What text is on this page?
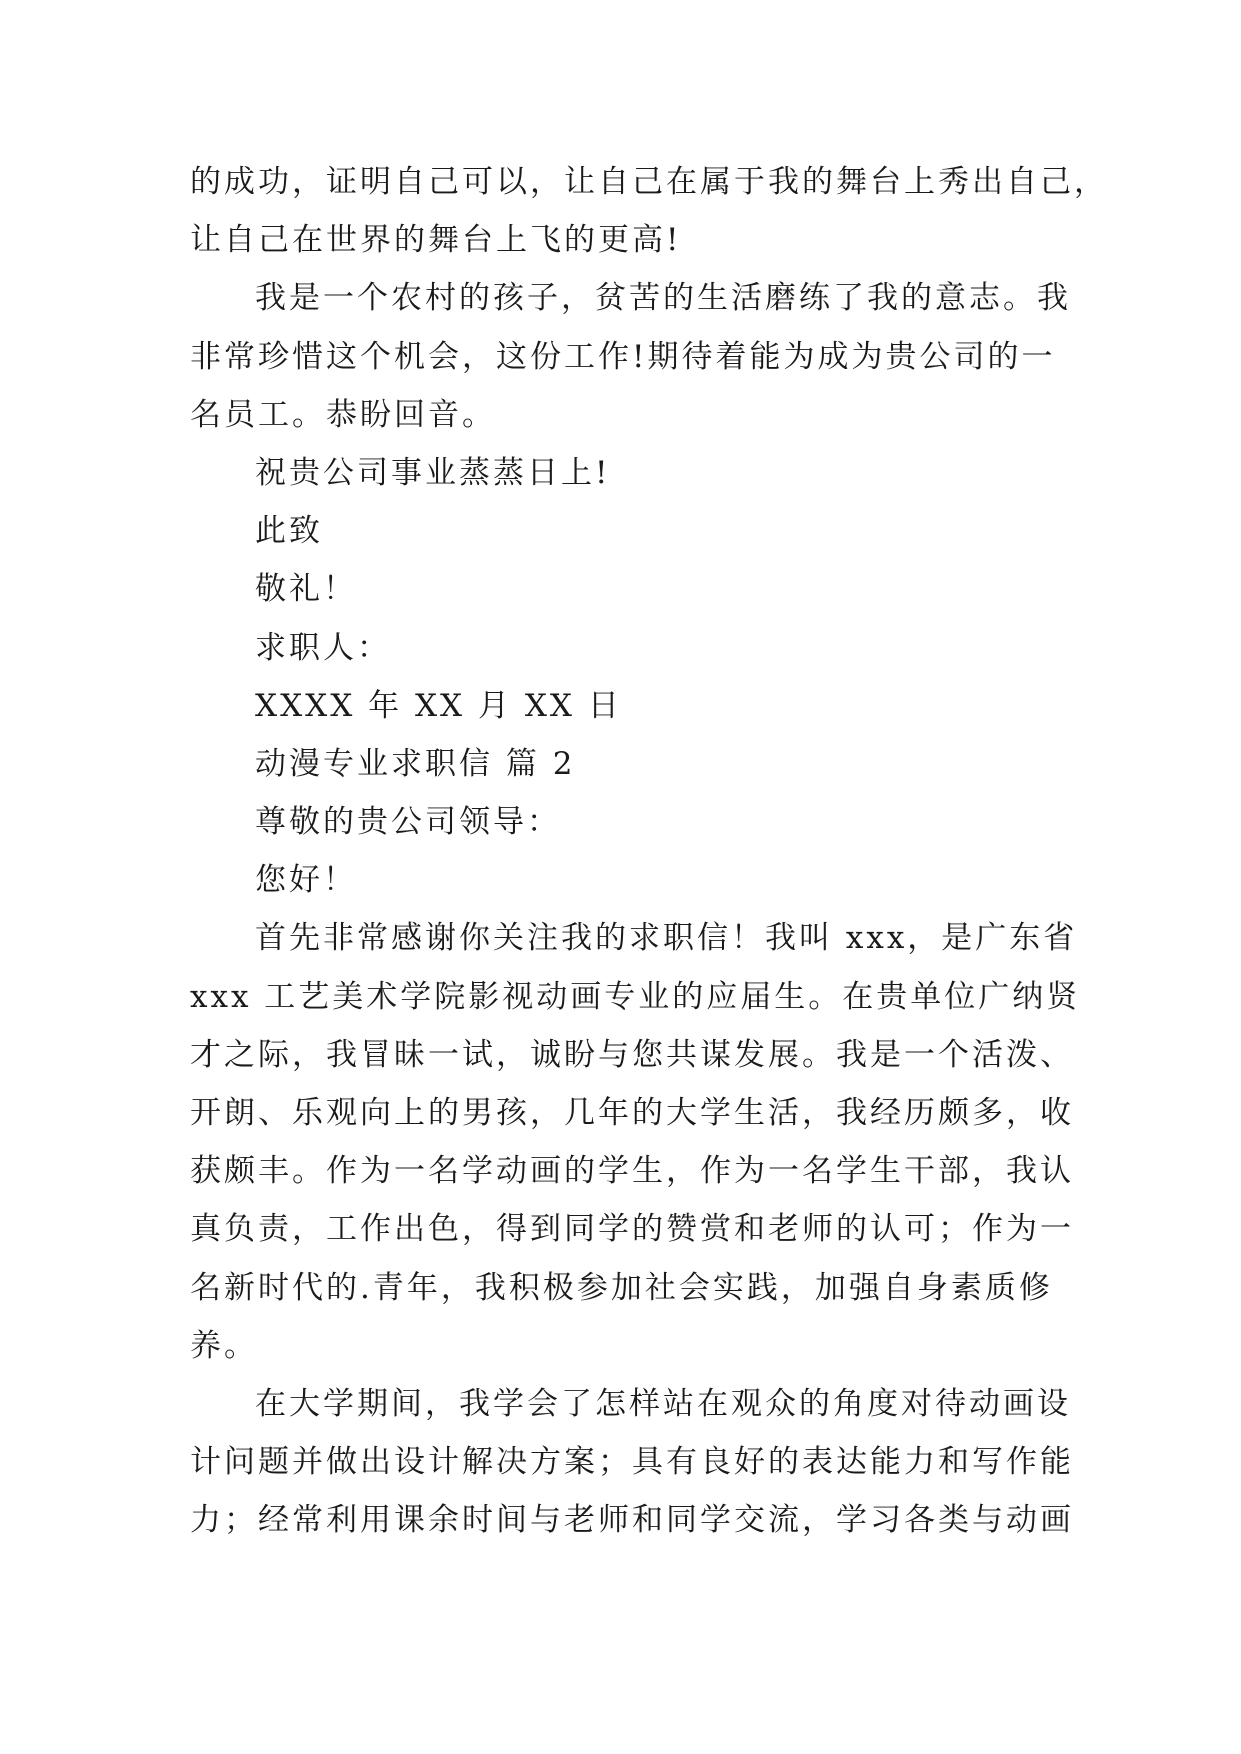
的成功，证明自己可以，让自己在属于我的舞台上秀出自己，
让自己在世界的舞台上飞的更高!
我是一个农村的孩子，贫苦的生活磨练了我的意志。我
非常珍惜这个机会，这份工作!期待着能为成为贵公司的一
名员工。恭盼回音。
祝贵公司事业蒸蒸日上!
此致
敬礼！
求职人：
XXXX 年 XX 月 XX 日
动漫专业求职信 篇 2
尊敬的贵公司领导：
您好！
首先非常感谢你关注我的求职信！我叫 xxx，是广东省
xxx 工艺美术学院影视动画专业的应届生。在贵单位广纳贤
才之际，我冒昧一试，诚盼与您共谋发展。我是一个活泼、
开朗、乐观向上的男孩，几年的大学生活，我经历颇多，收
获颇丰。作为一名学动画的学生，作为一名学生干部，我认
真负责，工作出色，得到同学的赞赏和老师的认可；作为一
名新时代的.青年，我积极参加社会实践，加强自身素质修
养。
在大学期间，我学会了怎样站在观众的角度对待动画设
计问题并做出设计解决方案；具有良好的表达能力和写作能
力；经常利用课余时间与老师和同学交流，学习各类与动画
